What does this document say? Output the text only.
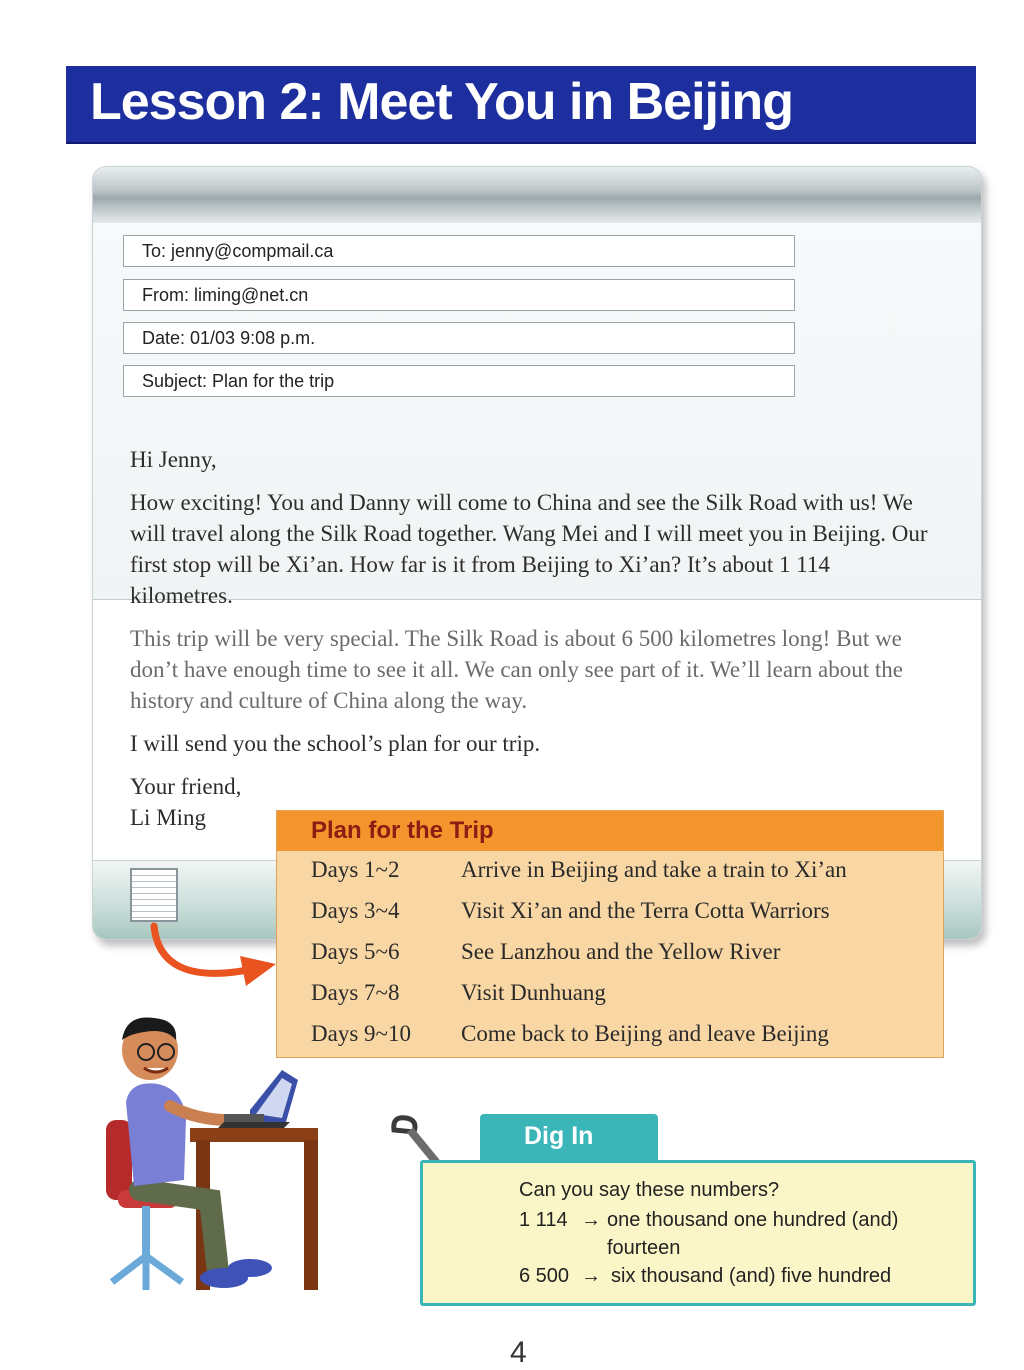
Lesson 2: Meet You in Beijing
To: jenny@compmail.ca
From: liming@net.cn
Date: 01/03 9:08 p.m.
Subject: Plan for the trip

Hi Jenny,

How exciting! You and Danny will come to China and see the Silk Road with us! We will travel along the Silk Road together. Wang Mei and I will meet you in Beijing. Our first stop will be Xi’an. How far is it from Beijing to Xi’an? It’s about 1 114 kilometres.

This trip will be very special. The Silk Road is about 6 500 kilometres long! But we don’t have enough time to see it all. We can only see part of it. We’ll learn about the history and culture of China along the way.

I will send you the school’s plan for our trip.

Your friend,
Li Ming	Plan for the Trip
Days 1~2	Arrive in Beijing and take a train to Xi’an
Days 3~4	Visit Xi’an and the Terra Cotta Warriors
Days 5~6	See Lanzhou and the Yellow River
Days 7~8	Visit Dunhuang
Days 9~10 Come back to Beijing and leave Beijing
Dig In
Can you say these numbers?
1 114 → one thousand one hundred (and)
fourteen
6 500 → six thousand (and) five hundred
4
